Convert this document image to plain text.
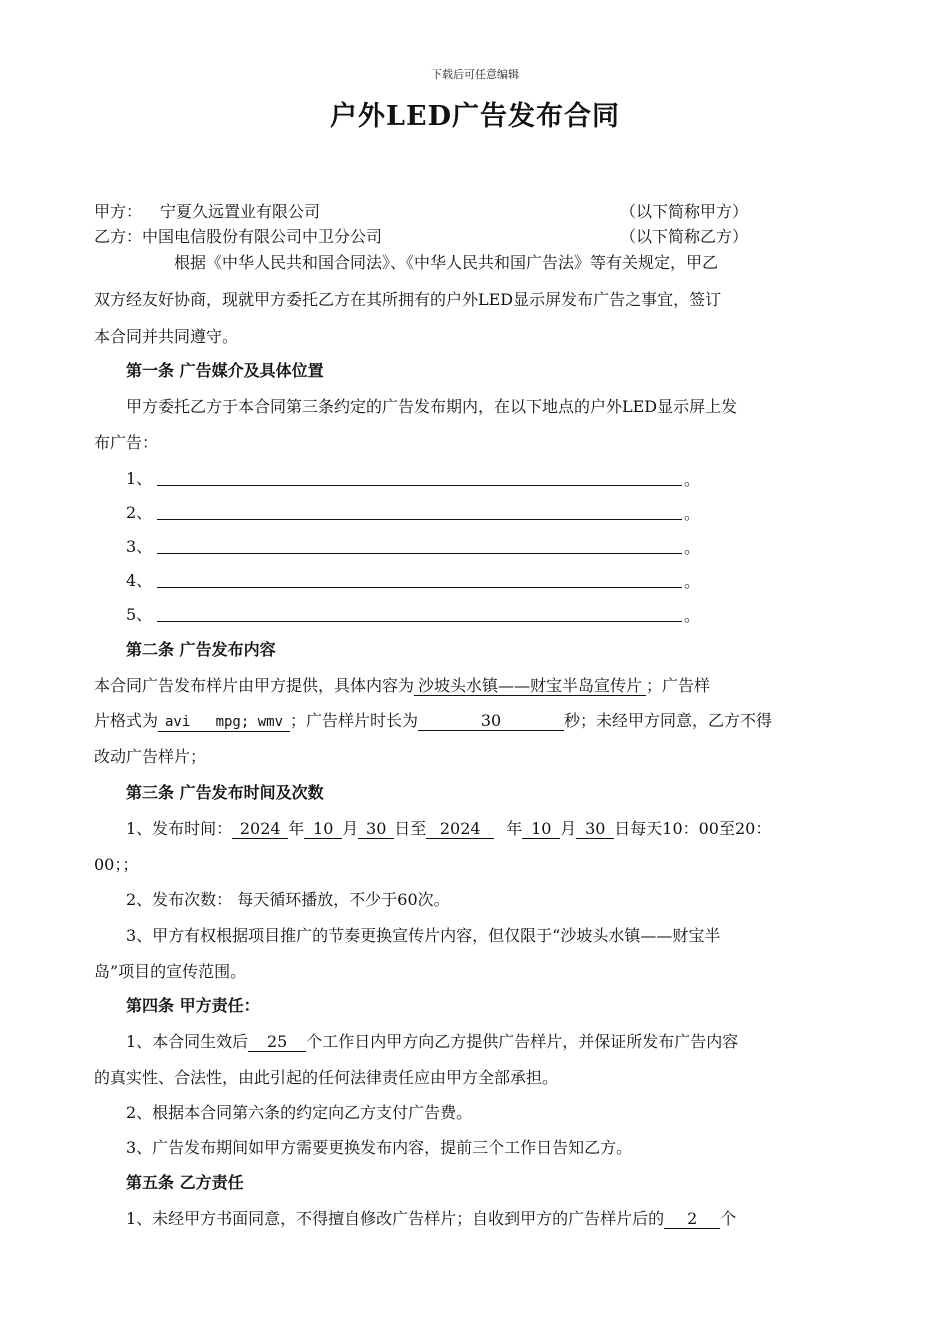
下载后可任意编辑
户外LED广告发布合同
甲方： 宁夏久远置业有限公司	（以下简称甲方）
乙方：中国电信股份有限公司中卫分公司	（以下简称乙方）
根据《中华人民共和国合同法》、《中华人民共和国广告法》等有关规定，甲乙
双方经友好协商，现就甲方委托乙方在其所拥有的户外LED显示屏发布广告之事宜，签订
本合同并共同遵守。
第一条 广告媒介及具体位置
甲方委托乙方于本合同第三条约定的广告发布期内，在以下地点的户外LED显示屏上发
布广告：
1、	。
2、	。
3、	。
4、	。
5、	。
第二条 广告发布内容
本合同广告发布样片由甲方提供，具体内容为 沙坡头水镇——财宝半岛宣传片 ；广告样
片格式为 avi   mpg; wmv ；广告样片时长为	30	秒；未经甲方同意，乙方不得
改动广告样片；
第三条 广告发布时间及次数
1、发布时间： 2024 年 10 月 30 日至 2024 年 10 月 30 日每天10：00至20：
00；；
2、发布次数： 每天循环播放，不少于60次。
3、甲方有权根据项目推广的节奏更换宣传片内容，但仅限于“沙坡头水镇——财宝半
岛”项目的宣传范围。
第四条 甲方责任：
1、本合同生效后 25 个工作日内甲方向乙方提供广告样片，并保证所发布广告内容
的真实性、合法性，由此引起的任何法律责任应由甲方全部承担。
2、根据本合同第六条的约定向乙方支付广告费。
3、广告发布期间如甲方需要更换发布内容，提前三个工作日告知乙方。
第五条 乙方责任
1、未经甲方书面同意，不得擅自修改广告样片；自收到甲方的广告样片后的 2 个
